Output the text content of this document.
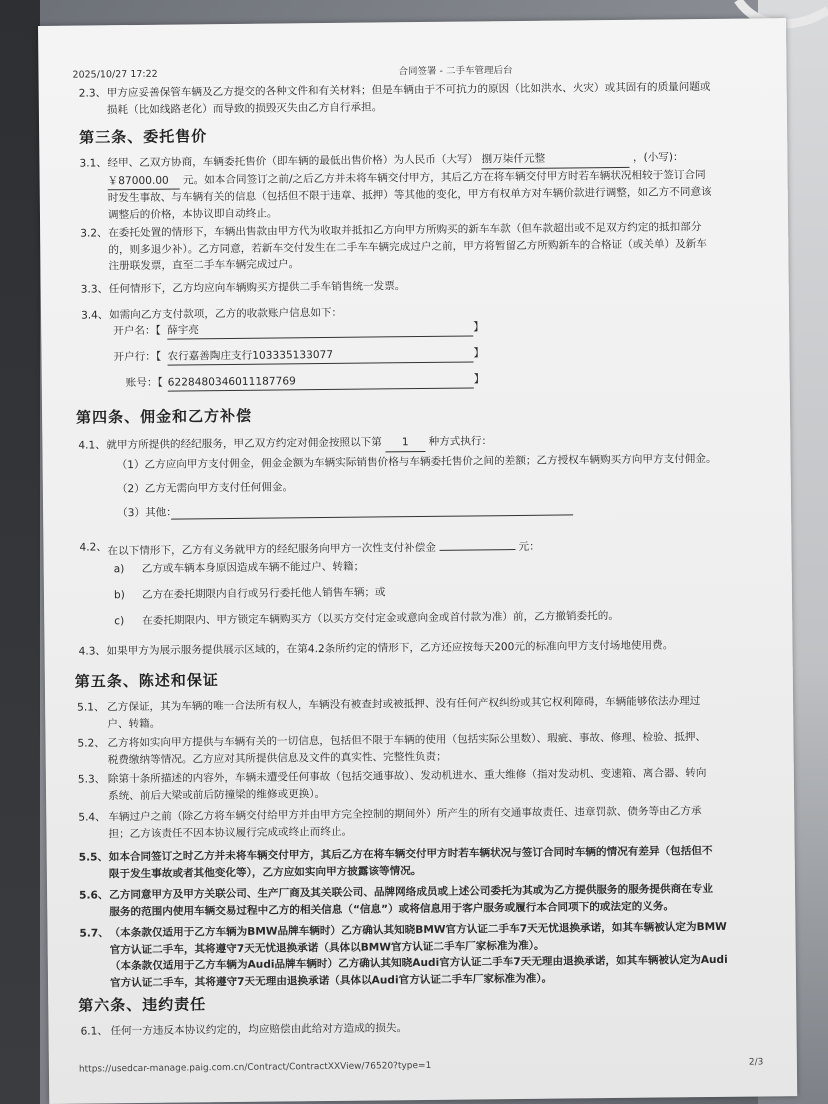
2025/10/27 17:22	合同签署 - 二手车管理后台
2.3、 甲方应妥善保管车辆及乙方提交的各种文件和有关材料；但是车辆由于不可抗力的原因（比如洪水、火灾）或其固有的质量问题或
损耗（比如线路老化）而导致的损毁灭失由乙方自行承担。
第三条、委托售价
3.1、 经甲、乙双方协商，车辆委托售价（即车辆的最低出售价格）为人民币（大写） 捌万柒仟元整	，(小写)：
￥87000.00 元。如本合同签订之前/之后乙方并未将车辆交付甲方，其后乙方在将车辆交付甲方时若车辆状况相较于签订合同
时发生事故、与车辆有关的信息（包括但不限于违章、抵押）等其他的变化，甲方有权单方对车辆价款进行调整，如乙方不同意该
调整后的价格，本协议即自动终止。
3.2、 在委托处置的情形下，车辆出售款由甲方代为收取并抵扣乙方向甲方所购买的新车车款（但车款超出或不足双方约定的抵扣部分
的，则多退少补）。乙方同意，若新车交付发生在二手车车辆完成过户之前，甲方将暂留乙方所购新车的合格证（或关单）及新车
注册联发票，直至二手车车辆完成过户。
3.3、 任何情形下，乙方均应向车辆购买方提供二手车销售统一发票。
3.4、 如需向乙方支付款项，乙方的收款账户信息如下：
开户名：【 薛宇亮	】
开户行：【 农行嘉善陶庄支行103335133077	】
账号：【 6228480346011187769	】
第四条、佣金和乙方补偿
4.1、 就甲方所提供的经纪服务，甲乙双方约定对佣金按照以下第 1 种方式执行：
（1）乙方应向甲方支付佣金，佣金金额为车辆实际销售价格与车辆委托售价之间的差额；乙方授权车辆购买方向甲方支付佣金。
（2）乙方无需向甲方支付任何佣金。
（3）其他：
4.2、 在以下情形下，乙方有义务就甲方的经纪服务向甲方一次性支付补偿金	元：
a) 乙方或车辆本身原因造成车辆不能过户、转籍；
b) 乙方在委托期限内自行或另行委托他人销售车辆；或
c) 在委托期限内、甲方锁定车辆购买方（以买方交付定金或意向金或首付款为准）前，乙方撤销委托的。
4.3、 如果甲方为展示服务提供展示区域的，在第4.2条所约定的情形下，乙方还应按每天200元的标准向甲方支付场地使用费。
第五条、陈述和保证
5.1、 乙方保证，其为车辆的唯一合法所有权人，车辆没有被查封或被抵押、没有任何产权纠纷或其它权利障碍，车辆能够依法办理过
户、转籍。
5.2、 乙方将如实向甲方提供与车辆有关的一切信息，包括但不限于车辆的使用（包括实际公里数）、瑕疵、事故、修理、检验、抵押、
税费缴纳等情况。乙方应对其所提供信息及文件的真实性、完整性负责；
5.3、 除第十条所描述的内容外，车辆未遭受任何事故（包括交通事故）、发动机进水、重大维修（指对发动机、变速箱、离合器、转向
系统、前后大梁或前后防撞梁的维修或更换）。
5.4、 车辆过户之前（除乙方将车辆交付给甲方并由甲方完全控制的期间外）所产生的所有交通事故责任、违章罚款、债务等由乙方承
担；乙方该责任不因本协议履行完成或终止而终止。
5.5、 如本合同签订之时乙方并未将车辆交付甲方，其后乙方在将车辆交付甲方时若车辆状况与签订合同时车辆的情况有差异（包括但不
限于发生事故或者其他变化等），乙方应如实向甲方披露该等情况。
5.6、 乙方同意甲方及甲方关联公司、生产厂商及其关联公司、品牌网络成员或上述公司委托为其或为乙方提供服务的服务提供商在专业
服务的范围内使用车辆交易过程中乙方的相关信息（“信息”）或将信息用于客户服务或履行本合同项下的或法定的义务。
5.7、 （本条款仅适用于乙方车辆为BMW品牌车辆时）乙方确认其知晓BMW官方认证二手车7天无忧退换承诺，如其车辆被认定为BMW
官方认证二手车，其将遵守7天无忧退换承诺（具体以BMW官方认证二手车厂家标准为准）。
（本条款仅适用于乙方车辆为Audi品牌车辆时）乙方确认其知晓Audi官方认证二手车7天无理由退换承诺，如其车辆被认定为Audi
官方认证二手车，其将遵守7天无理由退换承诺（具体以Audi官方认证二手车厂家标准为准）。
第六条、违约责任
6.1、 任何一方违反本协议约定的，均应赔偿由此给对方造成的损失。
https://usedcar-manage.paig.com.cn/Contract/ContractXXView/76520?type=1	2/3
